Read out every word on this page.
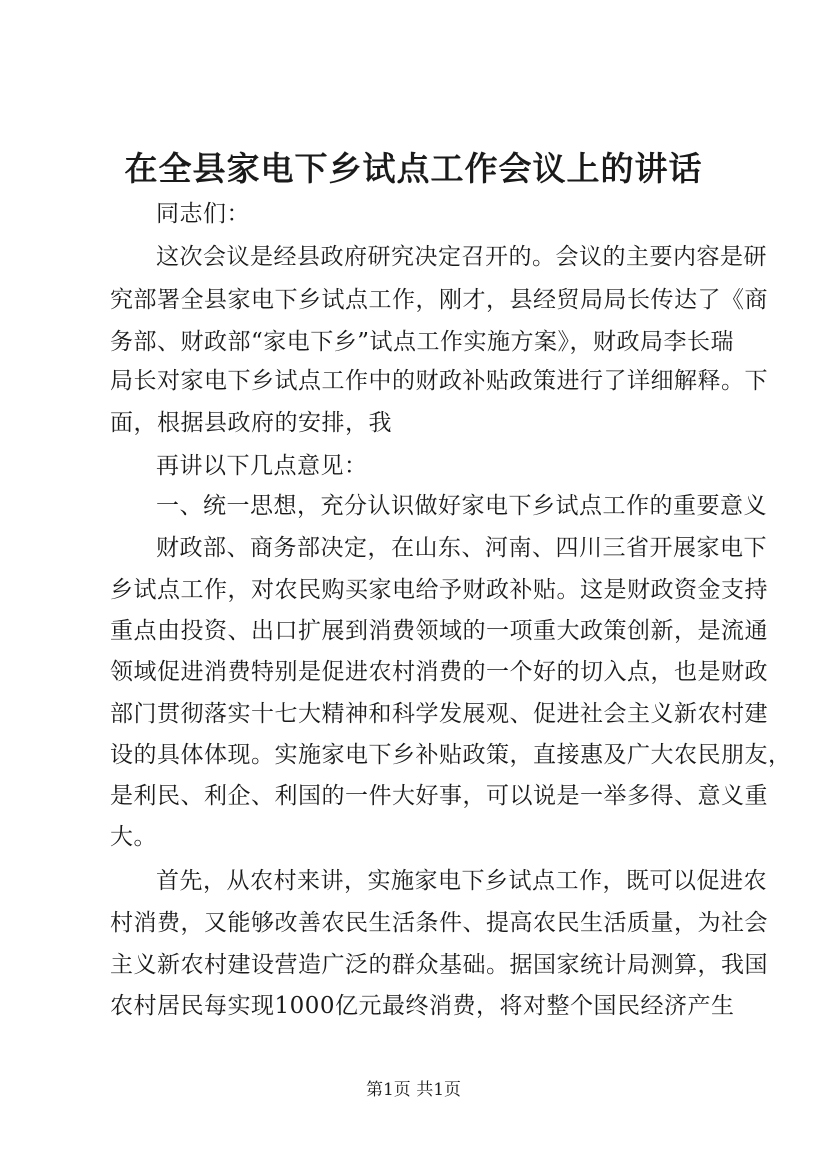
在全县家电下乡试点工作会议上的讲话
同志们：
这次会议是经县政府研究决定召开的。会议的主要内容是研
究部署全县家电下乡试点工作，刚才，县经贸局局长传达了《商
务部、财政部“家电下乡”试点工作实施方案》，财政局李长瑞
局长对家电下乡试点工作中的财政补贴政策进行了详细解释。下
面，根据县政府的安排，我
再讲以下几点意见：
一、统一思想，充分认识做好家电下乡试点工作的重要意义
财政部、商务部决定，在山东、河南、四川三省开展家电下
乡试点工作，对农民购买家电给予财政补贴。这是财政资金支持
重点由投资、出口扩展到消费领域的一项重大政策创新，是流通
领域促进消费特别是促进农村消费的一个好的切入点，也是财政
部门贯彻落实十七大精神和科学发展观、促进社会主义新农村建
设的具体体现。实施家电下乡补贴政策，直接惠及广大农民朋友，
是利民、利企、利国的一件大好事，可以说是一举多得、意义重
大。
首先，从农村来讲，实施家电下乡试点工作，既可以促进农
村消费，又能够改善农民生活条件、提高农民生活质量，为社会
主义新农村建设营造广泛的群众基础。据国家统计局测算，我国
农村居民每实现1000亿元最终消费，将对整个国民经济产生
第1页 共1页
